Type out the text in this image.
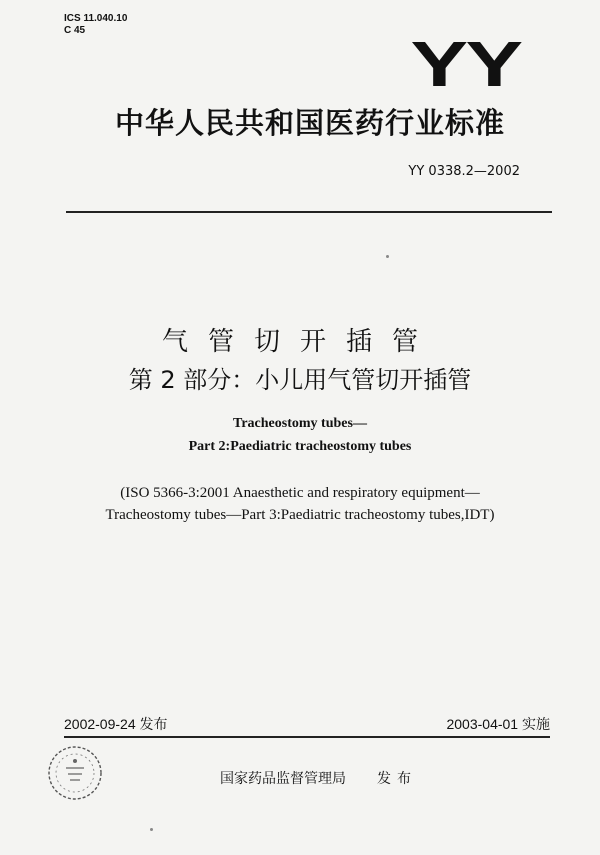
ICS 11.040.10
C 45	YY
中华人民共和国医药行业标准
YY 0338.2—2002
气管切开插管
第 2 部分：小儿用气管切开插管
Tracheostomy tubes—
Part 2:Paediatric tracheostomy tubes
(ISO 5366-3:2001 Anaesthetic and respiratory equipment—
Tracheostomy tubes—Part 3:Paediatric tracheostomy tubes,IDT)
2002-09-24 发布	2003-04-01 实施
国家药品监督管理局 发布
